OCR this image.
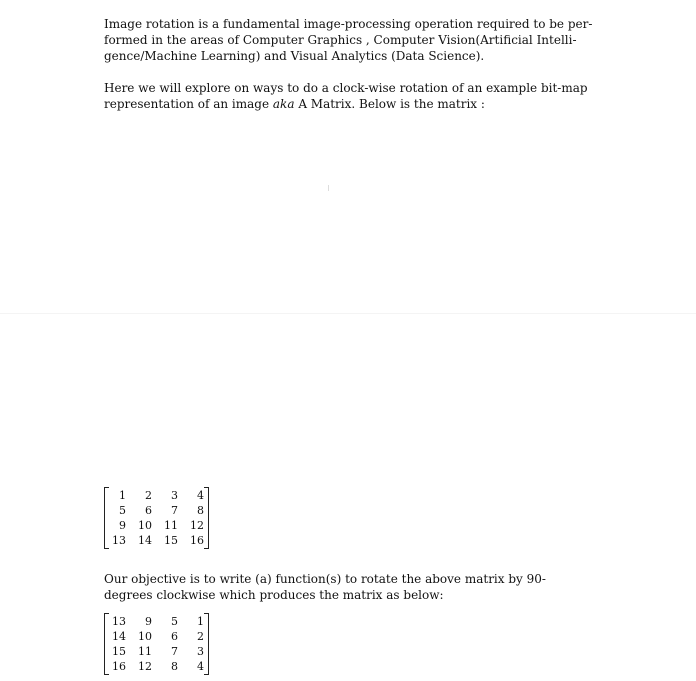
Image rotation is a fundamental image-processing operation required to be per-
formed in the areas of Computer Graphics , Computer Vision(Artificial Intelli-
gence/Machine Learning) and Visual Analytics (Data Science).

Here we will explore on ways to do a clock-wise rotation of an example bit-map
representation of an image aka A Matrix. Below is the matrix :

1	2	3	4
5	6	7	8
9	10	11	12
13	14	15	16

Our objective is to write (a) function(s) to rotate the above matrix by 90-
degrees clockwise which produces the matrix as below:

13	9	5	1
14	10	6	2
15	11	7	3
16	12	8	4
